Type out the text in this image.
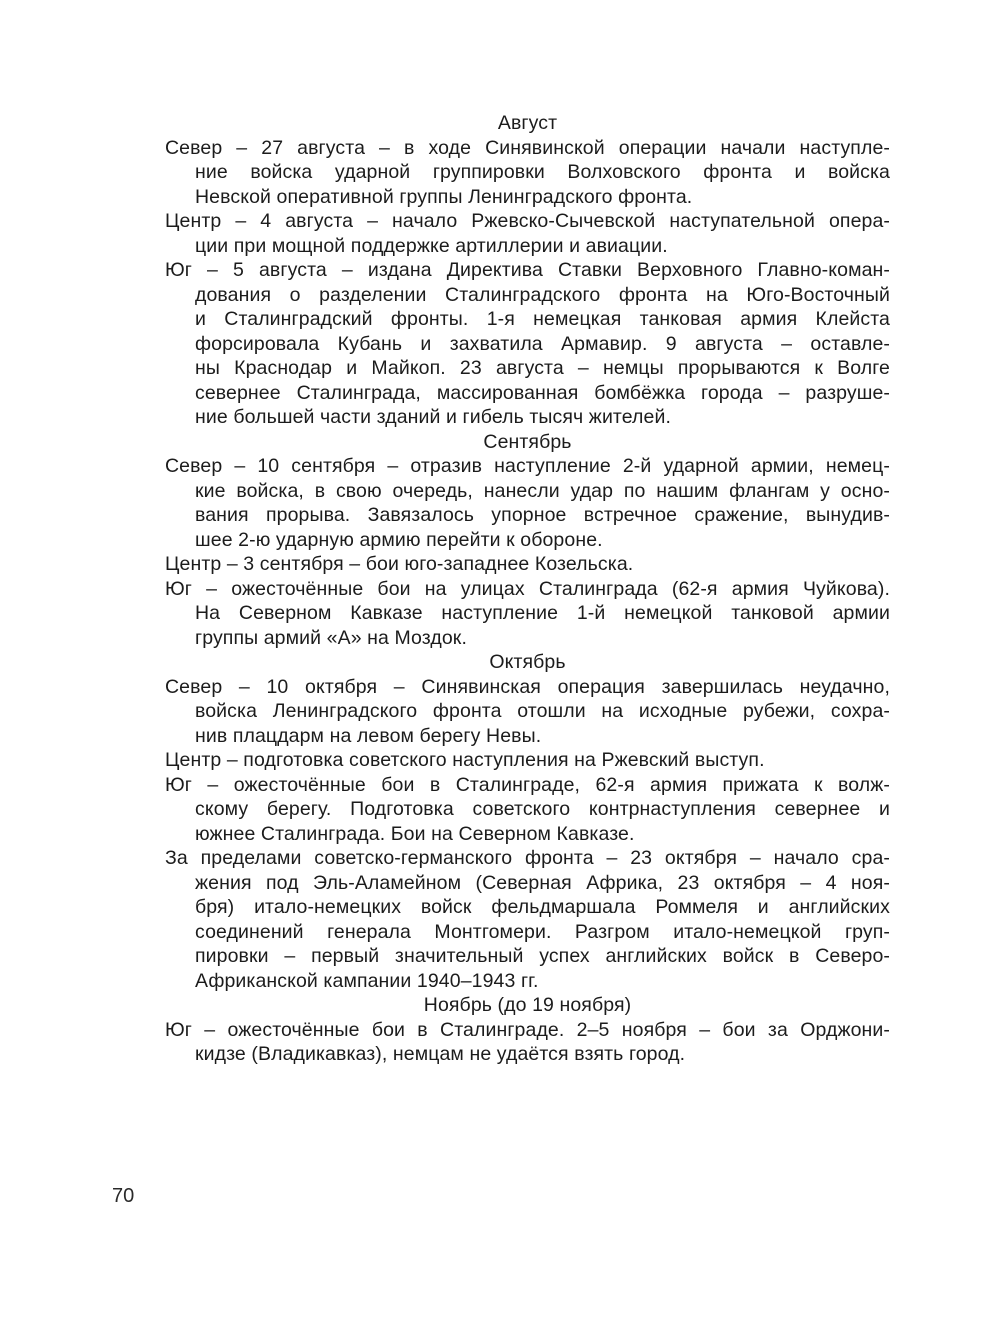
Август
Север – 27 августа – в ходе Синявинской операции начали наступле-
ние войска ударной группировки Волховского фронта и войска
Невской оперативной группы Ленинградского фронта.
Центр – 4 августа – начало Ржевско-Сычевской наступательной опера-
ции при мощной поддержке артиллерии и авиации.
Юг – 5 августа – издана Директива Ставки Верховного Главно-коман-
дования о разделении Сталинградского фронта на Юго-Восточный
и Сталинградский фронты. 1-я немецкая танковая армия Клейста
форсировала Кубань и захватила Армавир. 9 августа – оставле-
ны Краснодар и Майкоп. 23 августа – немцы прорываются к Волге
севернее Сталинграда, массированная бомбёжка города – разруше-
ние большей части зданий и гибель тысяч жителей.
Сентябрь
Север – 10 сентября – отразив наступление 2-й ударной армии, немец-
кие войска, в свою очередь, нанесли удар по нашим флангам у осно-
вания прорыва. Завязалось упорное встречное сражение, вынудив-
шее 2-ю ударную армию перейти к обороне.
Центр – 3 сентября – бои юго-западнее Козельска.
Юг – ожесточённые бои на улицах Сталинграда (62-я армия Чуйкова).
На Северном Кавказе наступление 1-й немецкой танковой армии
группы армий «А» на Моздок.
Октябрь
Север – 10 октября – Синявинская операция завершилась неудачно,
войска Ленинградского фронта отошли на исходные рубежи, сохра-
нив плацдарм на левом берегу Невы.
Центр – подготовка советского наступления на Ржевский выступ.
Юг – ожесточённые бои в Сталинграде, 62-я армия прижата к волж-
скому берегу. Подготовка советского контрнаступления севернее и
южнее Сталинграда. Бои на Северном Кавказе.
За пределами советско-германского фронта – 23 октября – начало сра-
жения под Эль-Аламейном (Северная Африка, 23 октября – 4 ноя-
бря) итало-немецких войск фельдмаршала Роммеля и английских
соединений генерала Монтгомери. Разгром итало-немецкой груп-
пировки – первый значительный успех английских войск в Северо-
Африканской кампании 1940–1943 гг.
Ноябрь (до 19 ноября)
Юг – ожесточённые бои в Сталинграде. 2–5 ноября – бои за Орджони-
кидзе (Владикавказ), немцам не удаётся взять город.
70
